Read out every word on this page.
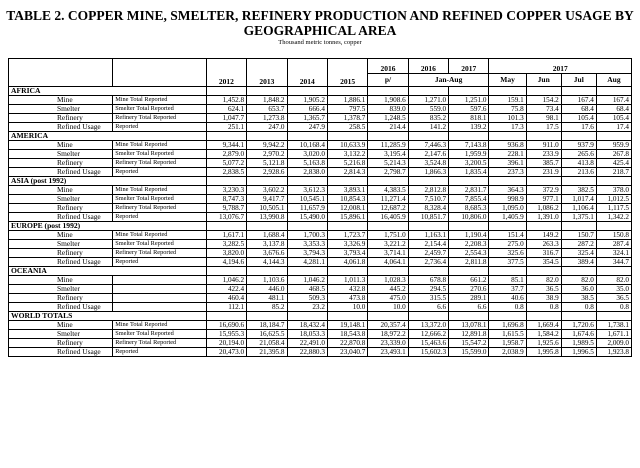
TABLE 2. COPPER MINE, SMELTER, REFINERY PRODUCTION AND REFINED COPPER USAGE BY
GEOGRAPHICAL AREA
Thousand metric tonnes, copper
		2012	2013	2014	2015	2016	2016	2017	2017			
						p/	Jan-Aug		May	Jun	Jul	Aug
AFRICA												
Mine	Mine Total Reported	1,452.8	1,848.2	1,905.2	1,886.1	1,908.6	1,271.0	1,251.0	159.1	154.2	167.4	167.4
Smelter	Smelter Total Reported	624.1	653.7	666.4	797.5	839.0	559.0	597.6	75.8	73.4	68.4	68.4
Refinery	Refinery Total Reported	1,047.7	1,273.8	1,365.7	1,378.7	1,248.5	835.2	818.1	101.3	98.1	105.4	105.4
Refined Usage	Reported	251.1	247.0	247.9	258.5	214.4	141.2	139.2	17.3	17.5	17.6	17.4
AMERICA												
Mine	Mine Total Reported	9,344.1	9,942.2	10,168.4	10,633.9	11,285.9	7,446.3	7,143.8	936.8	911.0	937.9	959.9
Smelter	Smelter Total Reported	2,879.0	2,970.2	3,020.0	3,132.2	3,195.4	2,147.6	1,959.9	228.1	233.9	265.6	267.8
Refinery	Refinery Total Reported	5,077.2	5,121.8	5,163.8	5,216.8	5,214.3	3,524.8	3,200.5	396.1	385.7	413.8	425.4
Refined Usage	Reported	2,838.5	2,928.6	2,838.0	2,814.3	2,798.7	1,866.3	1,835.4	237.3	231.9	213.6	218.7
ASIA (post 1992)												
Mine	Mine Total Reported	3,230.3	3,602.2	3,612.3	3,893.1	4,383.5	2,812.8	2,831.7	364.3	372.9	382.5	378.0
Smelter	Smelter Total Reported	8,747.3	9,417.7	10,545.1	10,854.3	11,271.4	7,510.7	7,855.4	998.9	977.1	1,017.4	1,012.5
Refinery	Refinery Total Reported	9,788.7	10,505.1	11,657.9	12,008.1	12,687.2	8,328.4	8,685.3	1,095.0	1,086.2	1,106.4	1,117.5
Refined Usage	Reported	13,076.7	13,990.8	15,490.0	15,896.1	16,405.9	10,851.7	10,806.0	1,405.9	1,391.0	1,375.1	1,342.2
EUROPE (post 1992)												
Mine	Mine Total Reported	1,617.1	1,688.4	1,700.3	1,723.7	1,751.0	1,163.1	1,190.4	151.4	149.2	150.7	150.8
Smelter	Smelter Total Reported	3,282.5	3,137.8	3,353.3	3,326.9	3,221.2	2,154.4	2,208.3	275.0	263.3	287.2	287.4
Refinery	Refinery Total Reported	3,820.0	3,676.6	3,794.3	3,793.4	3,714.1	2,459.7	2,554.3	325.6	316.7	325.4	324.1
Refined Usage	Reported	4,194.6	4,144.3	4,281.1	4,061.8	4,064.1	2,736.4	2,811.8	377.5	354.5	389.4	344.7
OCEANIA												
Mine		1,046.2	1,103.6	1,046.2	1,011.3	1,028.3	678.8	661.2	85.1	82.0	82.0	82.0
Smelter		422.4	446.0	468.5	432.8	445.2	294.5	270.6	37.7	36.5	36.0	35.0
Refinery		460.4	481.1	509.3	473.8	475.0	315.5	289.1	40.6	38.9	38.5	36.5
Refined Usage		112.1	85.2	23.2	10.0	10.0	6.6	6.6	0.8	0.8	0.8	0.8
WORLD TOTALS												
Mine	Mine Total Reported	16,690.6	18,184.7	18,432.4	19,148.1	20,357.4	13,372.0	13,078.1	1,696.8	1,669.4	1,720.6	1,738.1
Smelter	Smelter Total Reported	15,955.3	16,625.5	18,053.3	18,543.8	18,972.2	12,666.2	12,891.8	1,615.5	1,584.2	1,674.6	1,671.1
Refinery	Refinery Total Reported	20,194.0	21,058.4	22,491.0	22,870.8	23,339.0	15,463.6	15,547.2	1,958.7	1,925.6	1,989.5	2,009.0
Refined Usage	Reported	20,473.0	21,395.8	22,880.3	23,040.7	23,493.1	15,602.3	15,599.0	2,038.9	1,995.8	1,996.5	1,923.8
